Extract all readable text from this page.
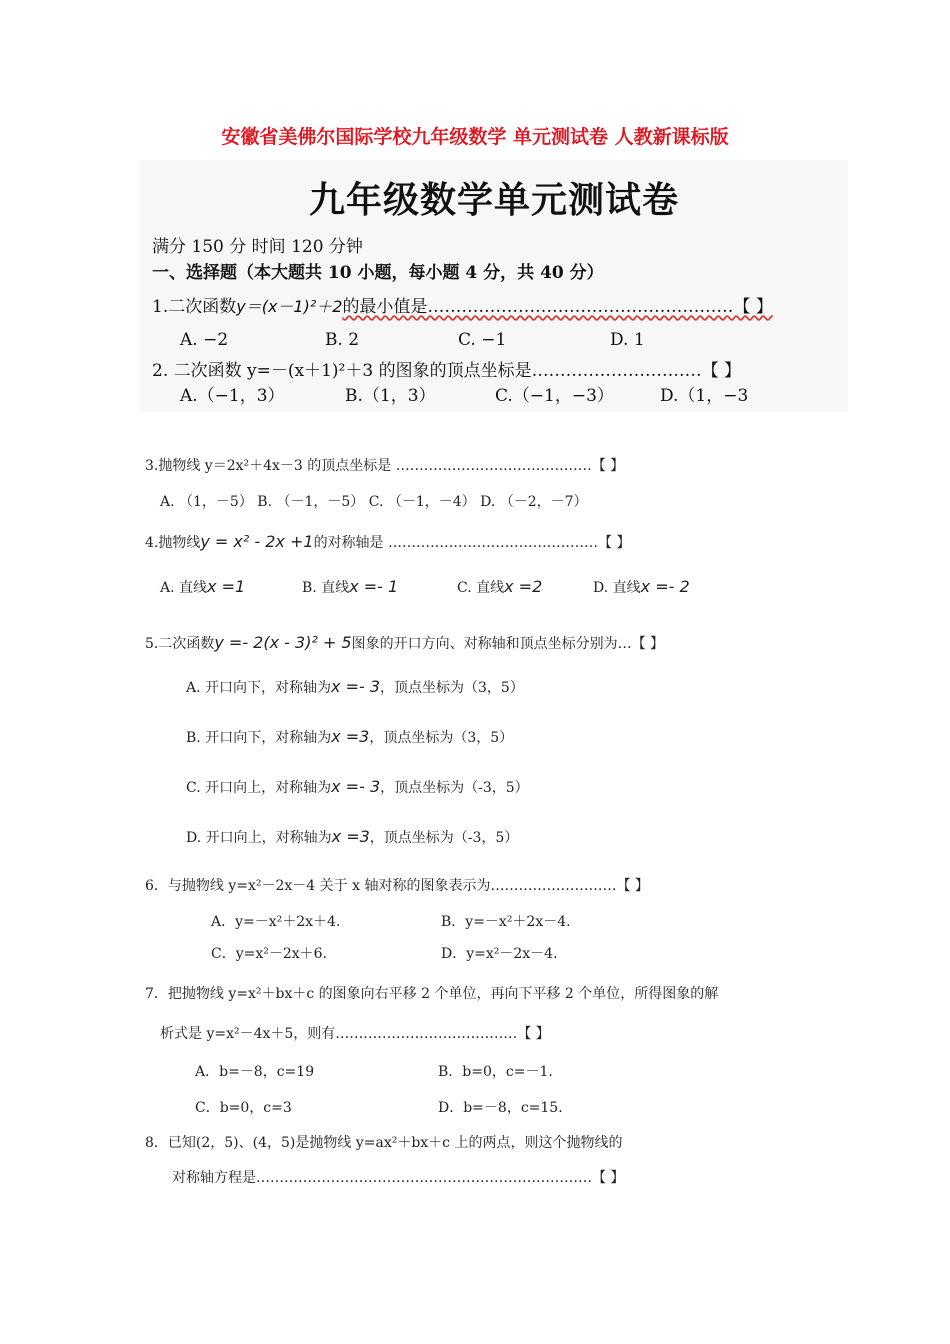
安徽省美佛尔国际学校九年级数学 单元测试卷 人教新课标版
九年级数学单元测试卷
满分 150 分 时间 120 分钟
一、选择题（本大题共 10 小题，每小题 4 分，共 40 分）
1.二次函数y＝(x－1)²＋2的最小值是………………………………………………【 】
A. −2	B. 2	C. −1	D. 1
2. 二次函数 y=－(x＋1)²＋3 的图象的顶点坐标是…………………………【 】
A.（−1，3）	B.（1，3）	C.（−1，−3）	D.（1，−3
3.抛物线 y＝2x²＋4x－3 的顶点坐标是 ……………………………………【 】
A. （1，－5） B. （－1，－5） C. （－1，－4） D. （－2，－7）
4.抛物线y = x² - 2x +1的对称轴是 ………………………………………【 】
A. 直线x =1	B. 直线x =- 1	C. 直线x =2	D. 直线x =- 2
5.二次函数y =- 2(x - 3)² + 5图象的开口方向、对称轴和顶点坐标分别为…【 】
A. 开口向下，对称轴为x =- 3，顶点坐标为（3，5）
B. 开口向下，对称轴为x =3，顶点坐标为（3，5）
C. 开口向上，对称轴为x =- 3，顶点坐标为（-3，5）
D. 开口向上，对称轴为x =3，顶点坐标为（-3，5）
6．与抛物线 y=x²－2x－4 关于 x 轴对称的图象表示为………………………【 】
A．y=－x²＋2x＋4.	B．y=－x²＋2x－4.
C．y=x²－2x＋6.	D．y=x²－2x－4.
7．把抛物线 y=x²＋bx＋c 的图象向右平移 2 个单位，再向下平移 2 个单位，所得图象的解
析式是 y=x²－4x＋5，则有…………………………………【 】
A．b=－8，c=19	B．b=0，c=－1.
C．b=0，c=3	D．b=－8，c=15.
8．已知(2，5)、(4，5)是抛物线 y=ax²＋bx＋c 上的两点，则这个抛物线的
对称轴方程是………………………………………………………………【 】
